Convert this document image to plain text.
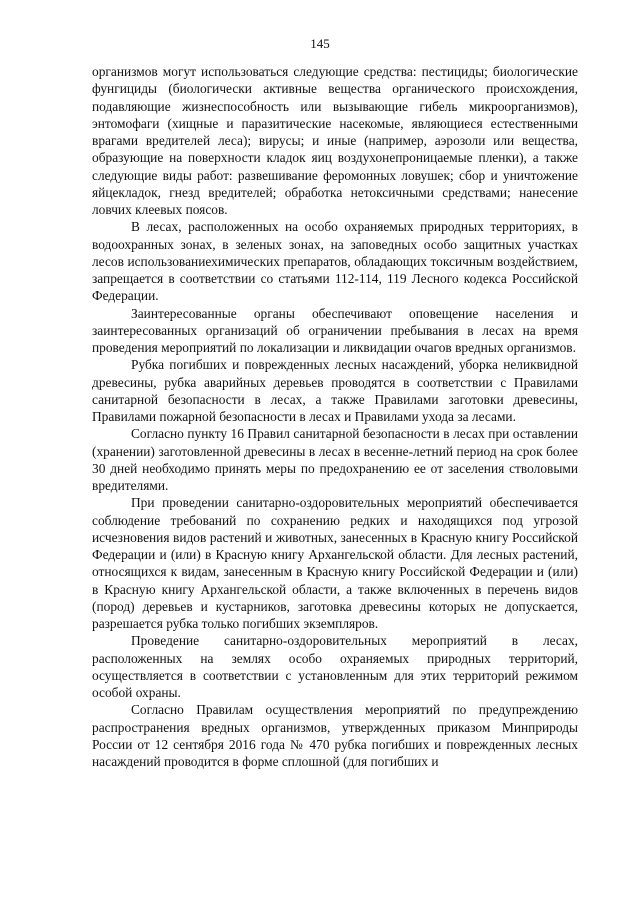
145

организмов могут использоваться следующие средства: пестициды; биологические фунгициды (биологически активные вещества органического происхождения, подавляющие жизнеспособность или вызывающие гибель микроорганизмов), энтомофаги (хищные и паразитические насекомые, являющиеся естественными врагами вредителей леса); вирусы; и иные (например, аэрозоли или вещества, образующие на поверхности кладок яиц воздухонепроницаемые пленки), а также следующие виды работ: развешивание феромонных ловушек; сбор и уничтожение яйцекладок, гнезд вредителей; обработка нетоксичными средствами; нанесение ловчих клеевых поясов.

В лесах, расположенных на особо охраняемых природных территориях, в водоохранных зонах, в зеленых зонах, на заповедных особо защитных участках лесов использованиехимических препаратов, обладающих токсичным воздействием, запрещается в соответствии со статьями 112-114, 119 Лесного кодекса Российской Федерации.

Заинтересованные органы обеспечивают оповещение населения и заинтересованных организаций об ограничении пребывания в лесах на время проведения мероприятий по локализации и ликвидации очагов вредных организмов.

Рубка погибших и поврежденных лесных насаждений, уборка неликвидной древесины, рубка аварийных деревьев проводятся в соответствии с Правилами санитарной безопасности в лесах, а также Правилами заготовки древесины, Правилами пожарной безопасности в лесах и Правилами ухода за лесами.

Согласно пункту 16 Правил санитарной безопасности в лесах при оставлении (хранении) заготовленной древесины в лесах в весенне-летний период на срок более 30 дней необходимо принять меры по предохранению ее от заселения стволовыми вредителями.

При проведении санитарно-оздоровительных мероприятий обеспечивается соблюдение требований по сохранению редких и находящихся под угрозой исчезновения видов растений и животных, занесенных в Красную книгу Российской Федерации и (или) в Красную книгу Архангельской области. Для лесных растений, относящихся к видам, занесенным в Красную книгу Российской Федерации и (или) в Красную книгу Архангельской области, а также включенных в перечень видов (пород) деревьев и кустарников, заготовка древесины которых не допускается, разрешается рубка только погибших экземпляров.

Проведение санитарно-оздоровительных мероприятий в лесах, расположенных на землях особо охраняемых природных территорий, осуществляется в соответствии с установленным для этих территорий режимом особой охраны.

Согласно Правилам осуществления мероприятий по предупреждению распространения вредных организмов, утвержденных приказом Минприроды России от 12 сентября 2016 года № 470 рубка погибших и поврежденных лесных насаждений проводится в форме сплошной (для погибших и
